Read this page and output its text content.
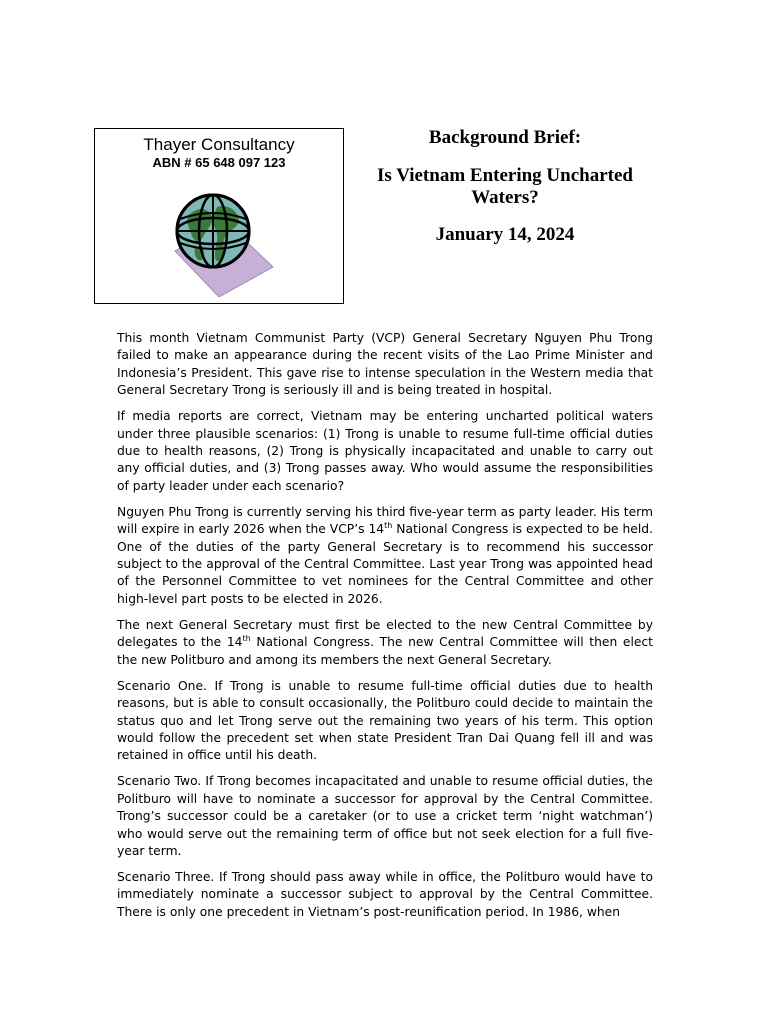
Thayer Consultancy
ABN # 65 648 097 123
Background Brief:
Is Vietnam Entering Uncharted Waters?
January 14, 2024

This month Vietnam Communist Party (VCP) General Secretary Nguyen Phu Trong failed to make an appearance during the recent visits of the Lao Prime Minister and Indonesia’s President. This gave rise to intense speculation in the Western media that General Secretary Trong is seriously ill and is being treated in hospital.

If media reports are correct, Vietnam may be entering uncharted political waters under three plausible scenarios: (1) Trong is unable to resume full-time official duties due to health reasons, (2) Trong is physically incapacitated and unable to carry out any official duties, and (3) Trong passes away. Who would assume the responsibilities of party leader under each scenario?

Nguyen Phu Trong is currently serving his third five-year term as party leader. His term will expire in early 2026 when the VCP’s 14th National Congress is expected to be held. One of the duties of the party General Secretary is to recommend his successor subject to the approval of the Central Committee. Last year Trong was appointed head of the Personnel Committee to vet nominees for the Central Committee and other high-level part posts to be elected in 2026.

The next General Secretary must first be elected to the new Central Committee by delegates to the 14th National Congress. The new Central Committee will then elect the new Politburo and among its members the next General Secretary.

Scenario One. If Trong is unable to resume full-time official duties due to health reasons, but is able to consult occasionally, the Politburo could decide to maintain the status quo and let Trong serve out the remaining two years of his term. This option would follow the precedent set when state President Tran Dai Quang fell ill and was retained in office until his death.

Scenario Two. If Trong becomes incapacitated and unable to resume official duties, the Politburo will have to nominate a successor for approval by the Central Committee. Trong’s successor could be a caretaker (or to use a cricket term ‘night watchman’) who would serve out the remaining term of office but not seek election for a full five-year term.

Scenario Three. If Trong should pass away while in office, the Politburo would have to immediately nominate a successor subject to approval by the Central Committee. There is only one precedent in Vietnam’s post-reunification period. In 1986, when
